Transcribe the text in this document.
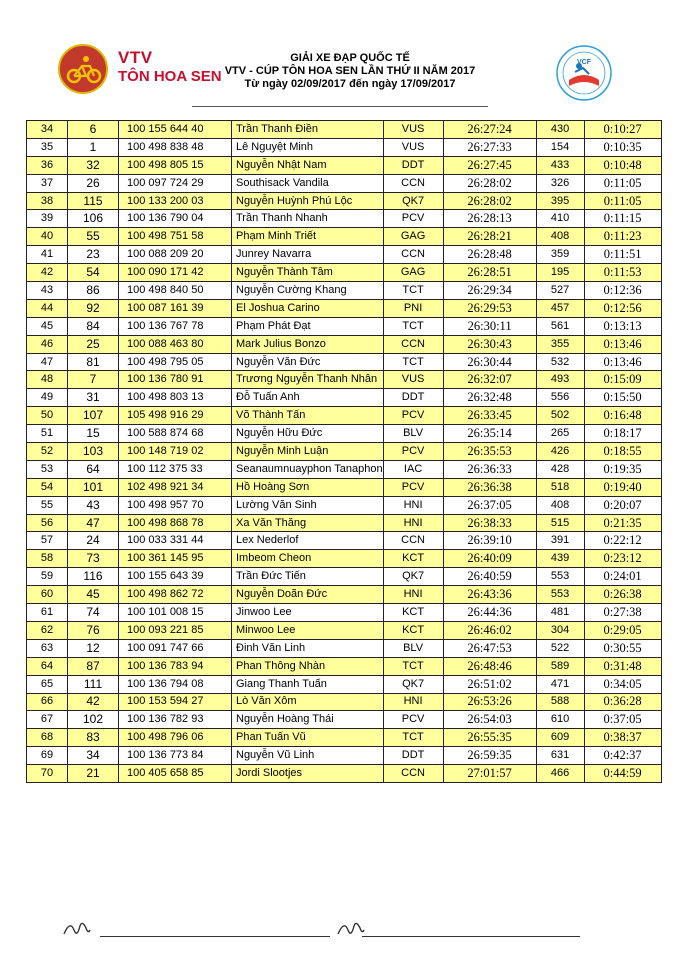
VTV
TÔN HOA SEN
GIẢI XE ĐẠP QUỐC TẾ
VTV - CÚP TÔN HOA SEN LẦN THỨ II NĂM 2017
Từ ngày 02/09/2017 đến ngày 17/09/2017
VCF
34	6	100 155 644 40	Trần Thanh Điền	VUS	26:27:24	430	0:10:27
35	1	100 498 838 48	Lê Nguyệt Minh	VUS	26:27:33	154	0:10:35
36	32	100 498 805 15	Nguyễn Nhật Nam	DDT	26:27:45	433	0:10:48
37	26	100 097 724 29	Southisack Vandila	CCN	26:28:02	326	0:11:05
38	115	100 133 200 03	Nguyễn Huỳnh Phú Lộc	QK7	26:28:02	395	0:11:05
39	106	100 136 790 04	Trần Thanh Nhanh	PCV	26:28:13	410	0:11:15
40	55	100 498 751 58	Phạm Minh Triết	GAG	26:28:21	408	0:11:23
41	23	100 088 209 20	Junrey Navarra	CCN	26:28:48	359	0:11:51
42	54	100 090 171 42	Nguyễn Thành Tâm	GAG	26:28:51	195	0:11:53
43	86	100 498 840 50	Nguyễn Cường Khang	TCT	26:29:34	527	0:12:36
44	92	100 087 161 39	El Joshua Carino	PNI	26:29:53	457	0:12:56
45	84	100 136 767 78	Phạm Phát Đạt	TCT	26:30:11	561	0:13:13
46	25	100 088 463 80	Mark Julius Bonzo	CCN	26:30:43	355	0:13:46
47	81	100 498 795 05	Nguyễn Văn Đức	TCT	26:30:44	532	0:13:46
48	7	100 136 780 91	Trương Nguyễn Thanh Nhân	VUS	26:32:07	493	0:15:09
49	31	100 498 803 13	Đỗ Tuấn Anh	DDT	26:32:48	556	0:15:50
50	107	105 498 916 29	Võ Thành Tấn	PCV	26:33:45	502	0:16:48
51	15	100 588 874 68	Nguyễn Hữu Đức	BLV	26:35:14	265	0:18:17
52	103	100 148 719 02	Nguyễn Minh Luận	PCV	26:35:53	426	0:18:55
53	64	100 112 375 33	Seanaumnuayphon Tanaphon	IAC	26:36:33	428	0:19:35
54	101	102 498 921 34	Hồ Hoàng Sơn	PCV	26:36:38	518	0:19:40
55	43	100 498 957 70	Lường Văn Sinh	HNI	26:37:05	408	0:20:07
56	47	100 498 868 78	Xa Văn Thăng	HNI	26:38:33	515	0:21:35
57	24	100 033 331 44	Lex Nederlof	CCN	26:39:10	391	0:22:12
58	73	100 361 145 95	Imbeom Cheon	KCT	26:40:09	439	0:23:12
59	116	100 155 643 39	Trần Đức Tiến	QK7	26:40:59	553	0:24:01
60	45	100 498 862 72	Nguyễn Doãn Đức	HNI	26:43:36	553	0:26:38
61	74	100 101 008 15	Jinwoo Lee	KCT	26:44:36	481	0:27:38
62	76	100 093 221 85	Minwoo Lee	KCT	26:46:02	304	0:29:05
63	12	100 091 747 66	Đinh Văn Linh	BLV	26:47:53	522	0:30:55
64	87	100 136 783 94	Phan Thông Nhàn	TCT	26:48:46	589	0:31:48
65	111	100 136 794 08	Giang Thanh Tuấn	QK7	26:51:02	471	0:34:05
66	42	100 153 594 27	Lò Văn Xôm	HNI	26:53:26	588	0:36:28
67	102	100 136 782 93	Nguyễn Hoàng Thái	PCV	26:54:03	610	0:37:05
68	83	100 498 796 06	Phan Tuấn Vũ	TCT	26:55:35	609	0:38:37
69	34	100 136 773 84	Nguyễn Vũ Linh	DDT	26:59:35	631	0:42:37
70	21	100 405 658 85	Jordi Slootjes	CCN	27:01:57	466	0:44:59
